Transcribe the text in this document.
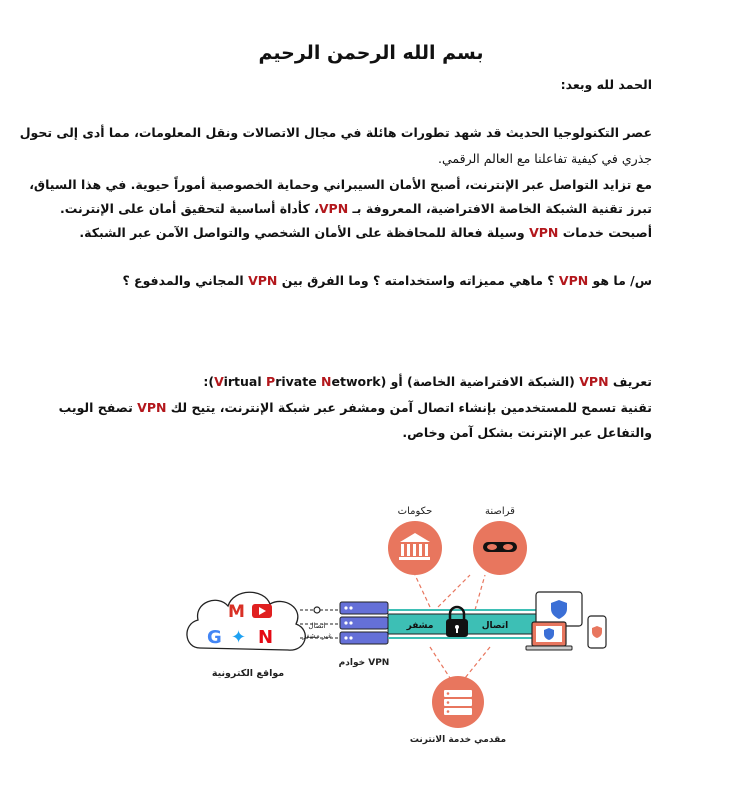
بسم الله الرحمن الرحيم
الحمد لله وبعد:
عصر التكنولوجيا الحديث قد شهد تطورات هائلة في مجال الاتصالات ونقل المعلومات، مما أدى إلى تحول
جذري في كيفية تفاعلنا مع العالم الرقمي.
مع تزايد التواصل عبر الإنترنت، أصبح الأمان السيبراني وحماية الخصوصية أموراً حيوية. في هذا السياق،
تبرز تقنية الشبكة الخاصة الافتراضية، المعروفة بـ VPN، كأداة أساسية لتحقيق أمان على الإنترنت.
أصبحت خدمات VPN وسيلة فعالة للمحافظة على الأمان الشخصي والتواصل الآمن عبر الشبكة.
س/ ما هو VPN ؟ ماهي مميزاته واستخدامته ؟ وما الفرق بين VPN المجاني والمدفوع ؟
تعريف VPN (الشبكة الافتراضية الخاصة) أو (Virtual Private Network):
تقنية تسمح للمستخدمين بإنشاء اتصال آمن ومشفر عبر شبكة الإنترنت، يتيح لك VPN تصفح الويب
والتفاعل عبر الإنترنت بشكل آمن وخاص.
حكومات	قراصنة
M
G ✦ N
مواقع الكترونية
اتصال
غير مشفر
خوادم VPN
مشفر	اتصال
مقدمي خدمة الانترنت
